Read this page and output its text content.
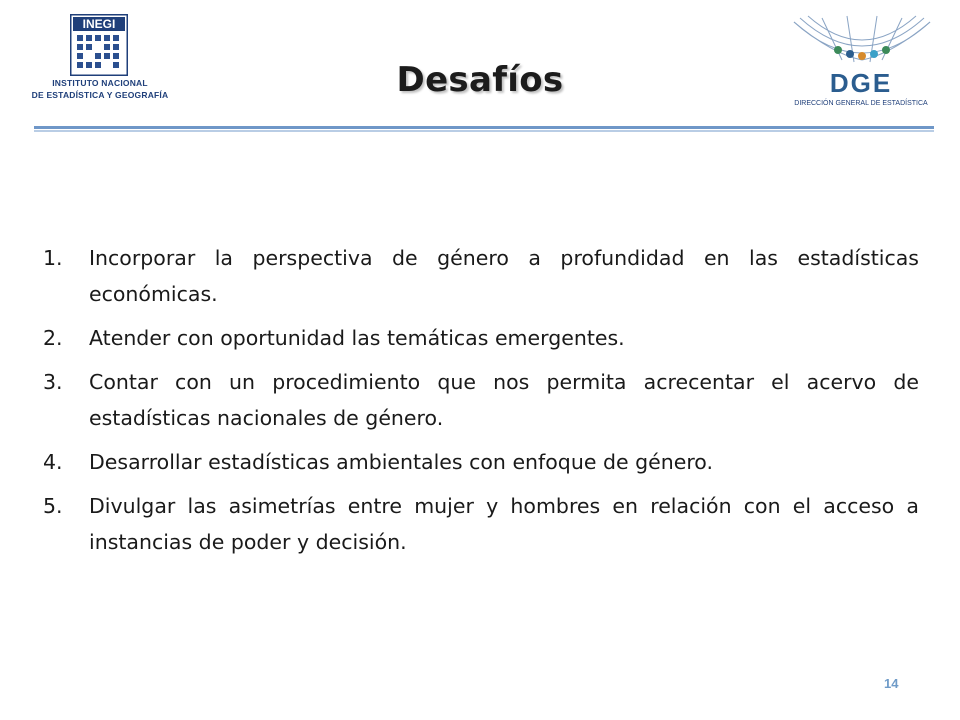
INEGI
INSTITUTO NACIONAL
DE ESTADÍSTICA Y GEOGRAFÍA	Desafíos	DGE
DIRECCIÓN GENERAL DE ESTADÍSTICA
1. Incorporar la perspectiva de género a profundidad en las estadísticas económicas.
2. Atender con oportunidad las temáticas emergentes.
3. Contar con un procedimiento que nos permita acrecentar el acervo de estadísticas nacionales de género.
4. Desarrollar estadísticas ambientales con enfoque de género.
5. Divulgar las asimetrías entre mujer y hombres en relación con el acceso a instancias de poder y decisión.
14
